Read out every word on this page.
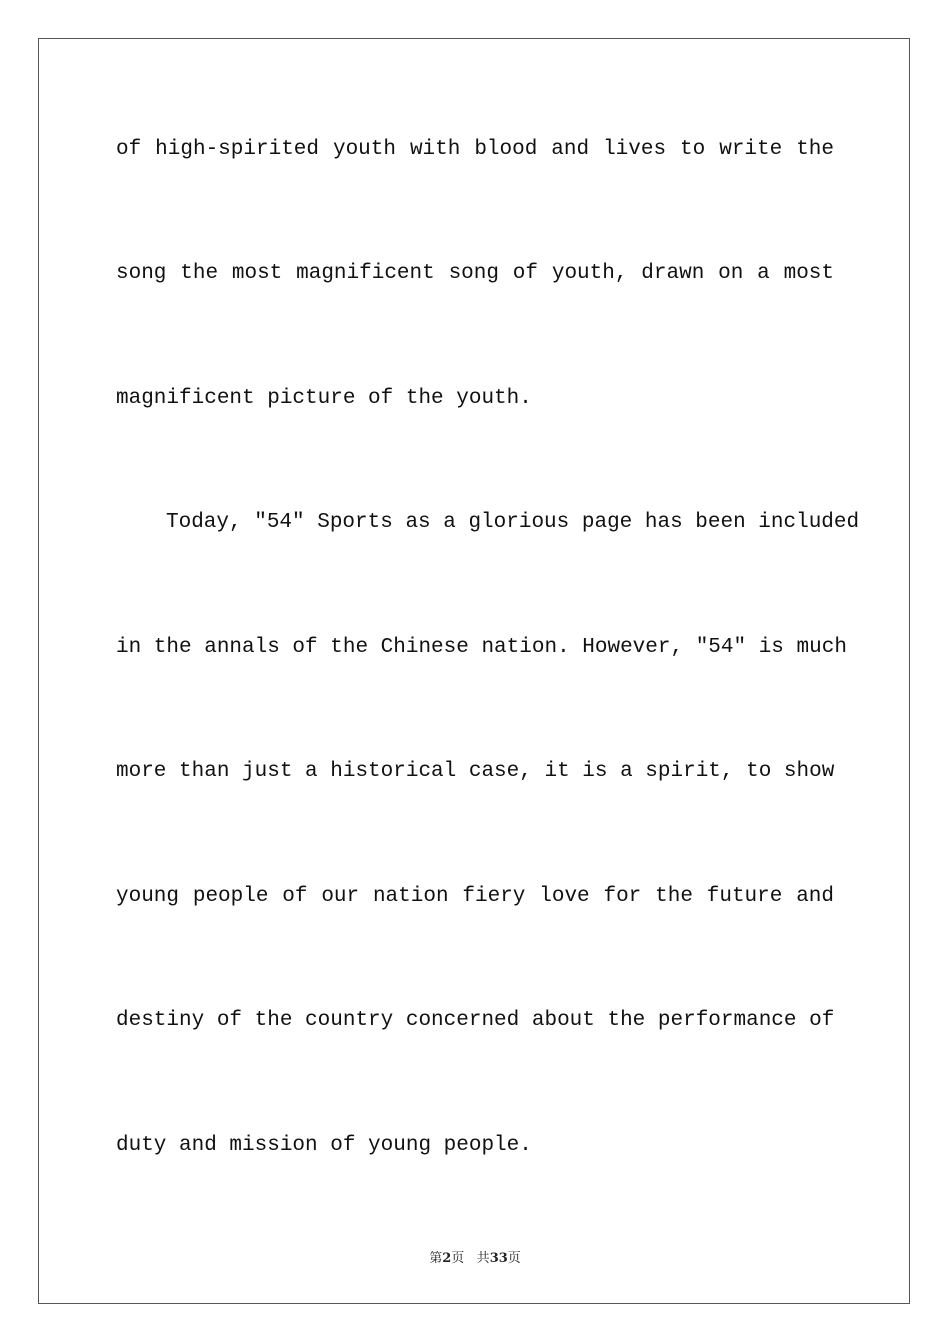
of high-spirited youth with blood and lives to write the
song the most magnificent song of youth, drawn on a most
magnificent picture of the youth.
Today, "54" Sports as a glorious page has been included
in the annals of the Chinese nation. However, "54" is much
more than just a historical case, it is a spirit, to show
young people of our nation fiery love for the future and
destiny of the country concerned about the performance of
duty and mission of young people.
第2页 共33页
